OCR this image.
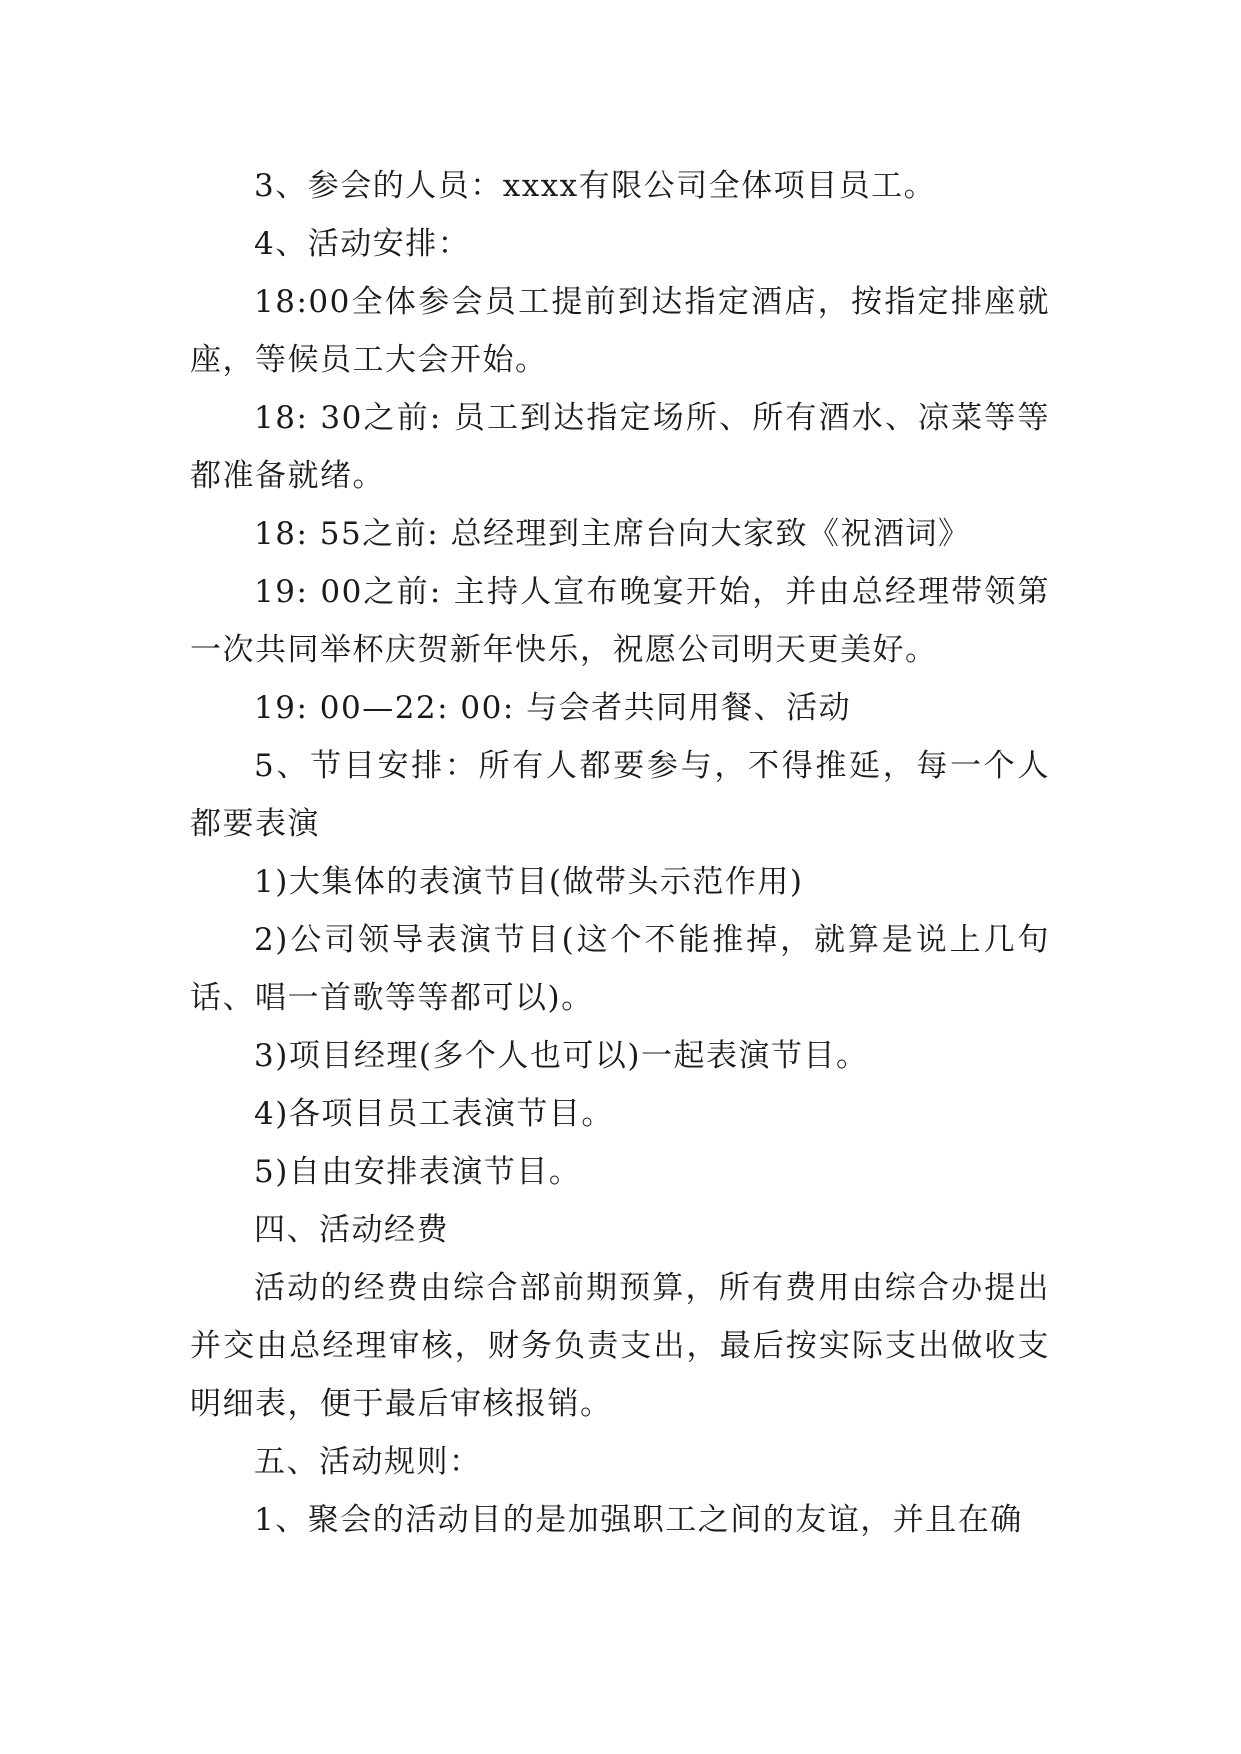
3、参会的人员：xxxx有限公司全体项目员工。

4、活动安排：

18:00全体参会员工提前到达指定酒店，按指定排座就座，等候员工大会开始。

18: 30之前: 员工到达指定场所、所有酒水、凉菜等等都准备就绪。

18: 55之前: 总经理到主席台向大家致《祝酒词》

19: 00之前: 主持人宣布晚宴开始，并由总经理带领第一次共同举杯庆贺新年快乐，祝愿公司明天更美好。

19: 00—22: 00: 与会者共同用餐、活动

5、节目安排：所有人都要参与，不得推延，每一个人都要表演

1)大集体的表演节目(做带头示范作用)

2)公司领导表演节目(这个不能推掉，就算是说上几句话、唱一首歌等等都可以)。

3)项目经理(多个人也可以)一起表演节目。

4)各项目员工表演节目。

5)自由安排表演节目。

四、活动经费

活动的经费由综合部前期预算，所有费用由综合办提出并交由总经理审核，财务负责支出，最后按实际支出做收支明细表，便于最后审核报销。

五、活动规则：

1、聚会的活动目的是加强职工之间的友谊，并且在确
